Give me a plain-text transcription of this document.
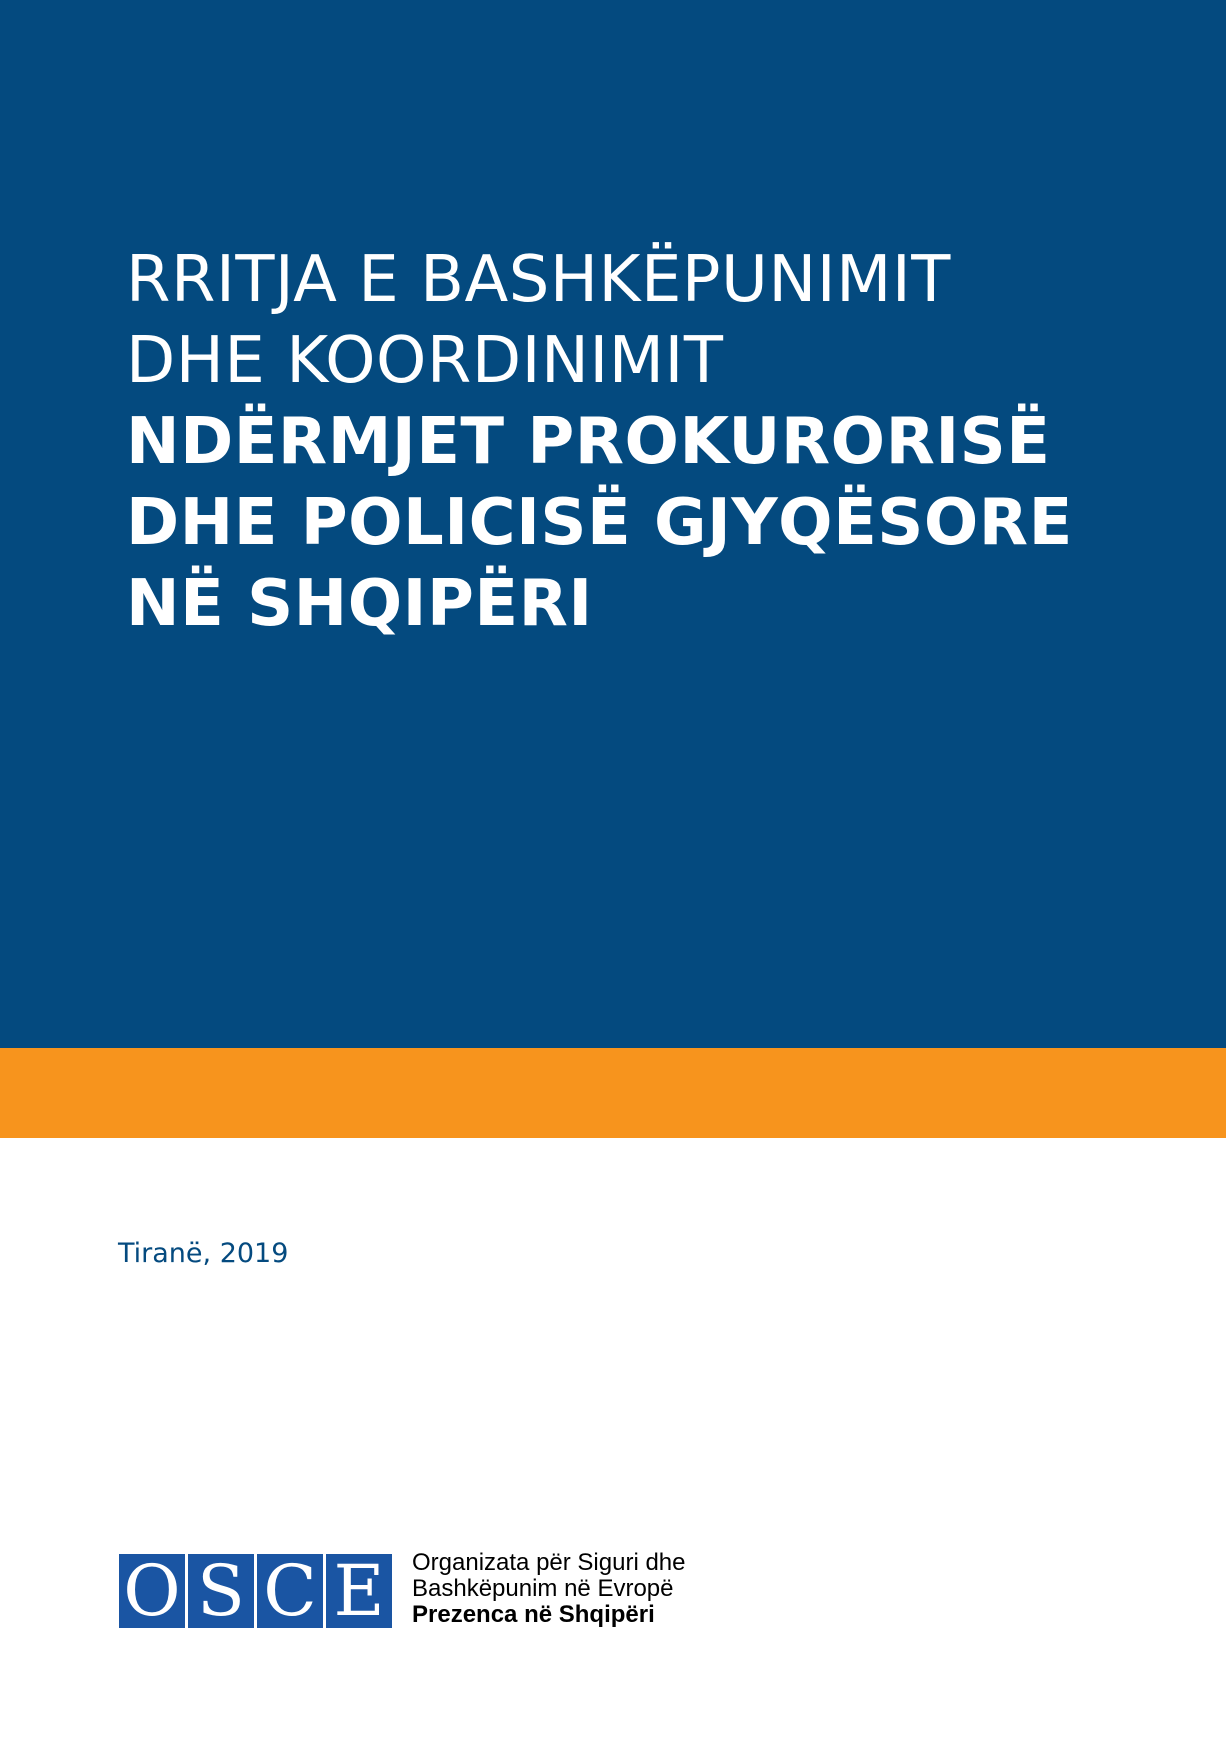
RRITJA E BASHKËPUNIMIT
DHE KOORDINIMIT
NDËRMJET PROKURORISË
DHE POLICISË GJYQËSORE
NË SHQIPËRI
Tiranë, 2019
O S C E	Organizata për Siguri dhe
Bashkëpunim në Evropë
Prezenca në Shqipëri
